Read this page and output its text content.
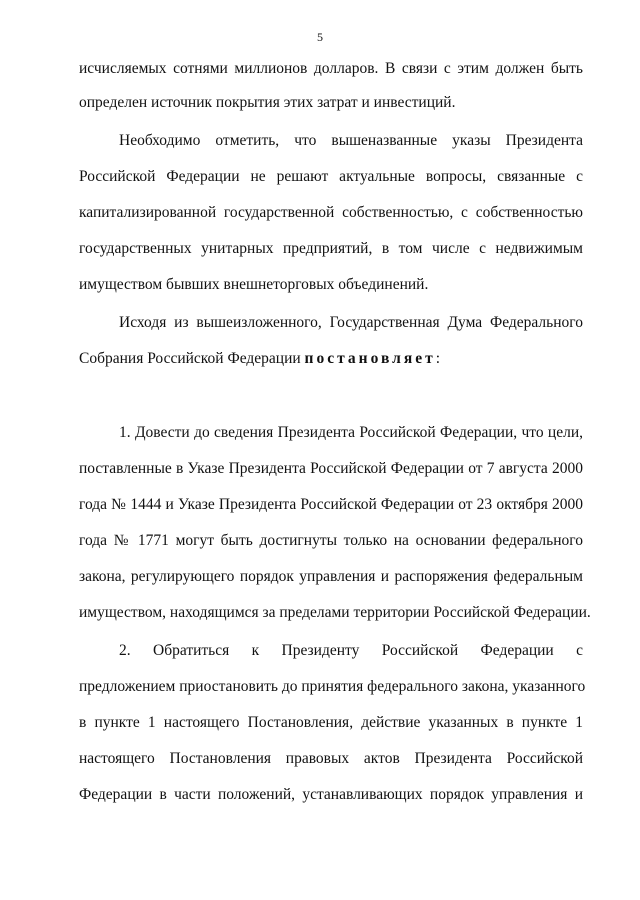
5
исчисляемых сотнями миллионов долларов. В связи с этим должен быть
определен источник покрытия этих затрат и инвестиций.
Необходимо отметить, что вышеназванные указы Президента
Российской Федерации не решают актуальные вопросы, связанные с
капитализированной государственной собственностью, с собственностью
государственных унитарных предприятий, в том числе с недвижимым
имуществом бывших внешнеторговых объединений.
Исходя из вышеизложенного, Государственная Дума Федерального
Собрания Российской Федерации постановляет:
1. Довести до сведения Президента Российской Федерации, что цели,
поставленные в Указе Президента Российской Федерации от 7 августа 2000
года № 1444 и Указе Президента Российской Федерации от 23 октября 2000
года № 1771 могут быть достигнуты только на основании федерального
закона, регулирующего порядок управления и распоряжения федеральным
имуществом, находящимся за пределами территории Российской Федерации.
2. Обратиться к Президенту Российской Федерации с
предложением приостановить до принятия федерального закона, указанного
в пункте 1 настоящего Постановления, действие указанных в пункте 1
настоящего Постановления правовых актов Президента Российской
Федерации в части положений, устанавливающих порядок управления и
